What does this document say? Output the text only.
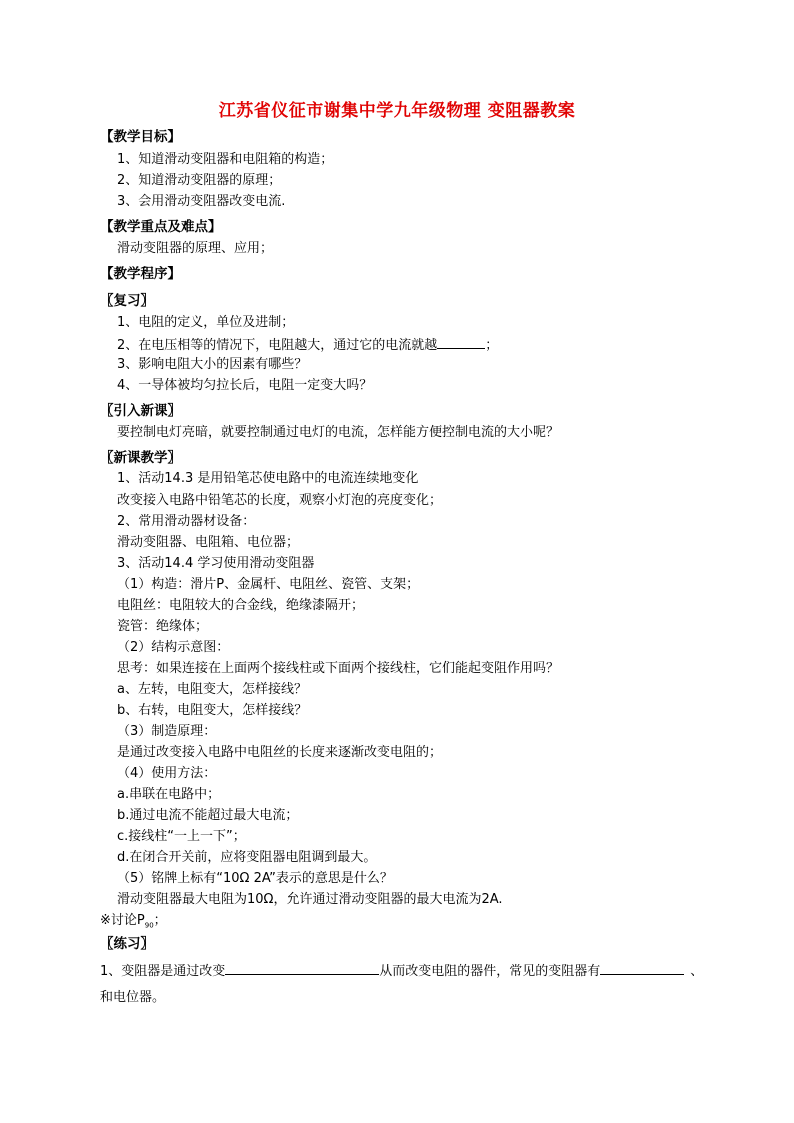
江苏省仪征市谢集中学九年级物理 变阻器教案
【教学目标】
1、知道滑动变阻器和电阻箱的构造；
2、知道滑动变阻器的原理；
3、会用滑动变阻器改变电流.
【教学重点及难点】
滑动变阻器的原理、应用；
【教学程序】
〖复习〗
1、电阻的定义，单位及进制；
2、在电压相等的情况下，电阻越大，通过它的电流就越	；
3、影响电阻大小的因素有哪些？
4、一导体被均匀拉长后，电阻一定变大吗？
〖引入新课〗
要控制电灯亮暗，就要控制通过电灯的电流，怎样能方便控制电流的大小呢？
〖新课教学〗
1、活动14.3 是用铅笔芯使电路中的电流连续地变化
改变接入电路中铅笔芯的长度，观察小灯泡的亮度变化；
2、常用滑动器材设备：
滑动变阻器、电阻箱、电位器；
3、活动14.4 学习使用滑动变阻器
（1）构造：滑片P、金属杆、电阻丝、瓷管、支架；
电阻丝：电阻较大的合金线，绝缘漆隔开；
瓷管：绝缘体；
（2）结构示意图：
思考：如果连接在上面两个接线柱或下面两个接线柱，它们能起变阻作用吗？
a、左转，电阻变大，怎样接线？
b、右转，电阻变大，怎样接线？
（3）制造原理：
是通过改变接入电路中电阻丝的长度来逐渐改变电阻的；
（4）使用方法：
a.串联在电路中；
b.通过电流不能超过最大电流；
c.接线柱“一上一下”；
d.在闭合开关前，应将变阻器电阻调到最大。
（5）铭牌上标有“10Ω 2A”表示的意思是什么？
滑动变阻器最大电阻为10Ω，允许通过滑动变阻器的最大电流为2A.
※讨论$P_{90}$；
〖练习〗
1、变阻器是通过改变	从而改变电阻的器件，常见的变阻器有	、
和电位器。
